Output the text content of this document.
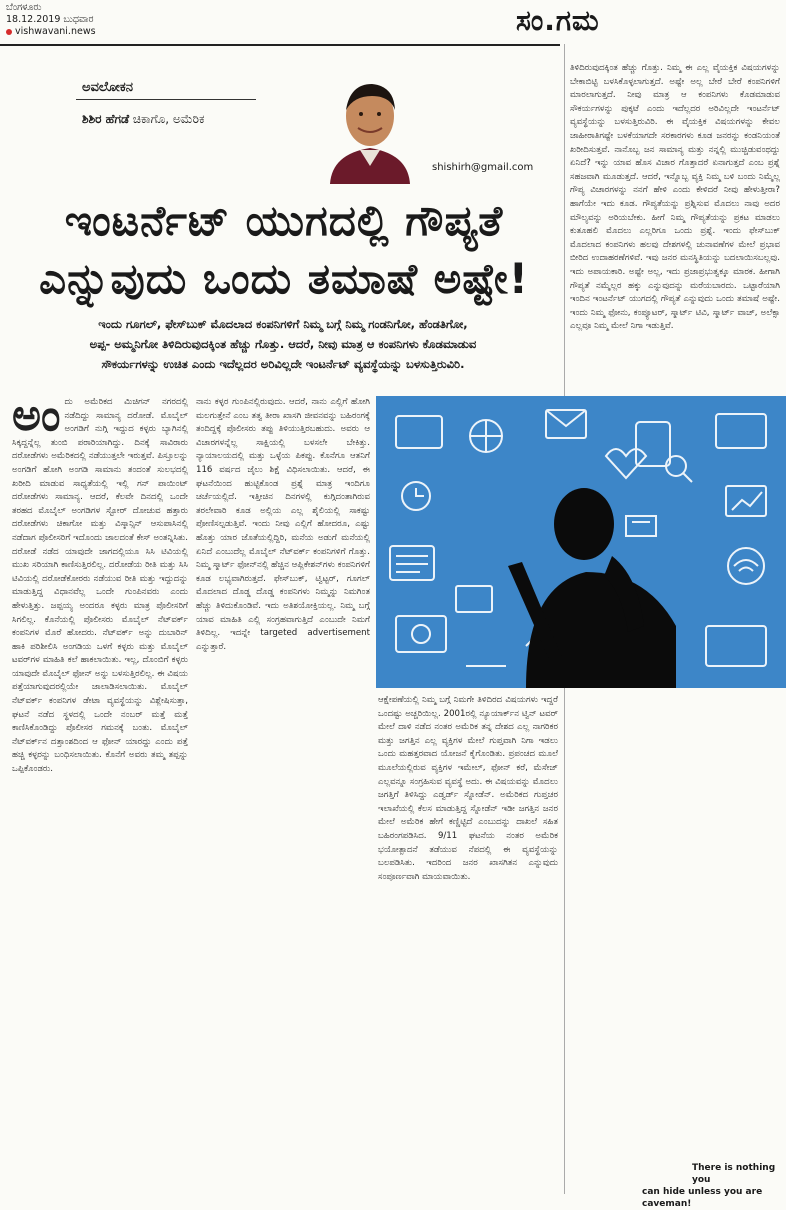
ಬೆಂಗಳೂರು
18.12.2019 ಬುಧವಾರ
vishwavani.news	ಸಂ.ಗಮ
ಅವಲೋಕನ
ಶಿಶಿರ ಹೆಗಡೆ ಚಿಕಾಗೊ, ಅಮೆರಿಕ
shishirh@gmail.com
ಇಂಟರ್ನೆಟ್ ಯುಗದಲ್ಲಿ ಗೌಪ್ಯತೆ
ಎನ್ನುವುದು ಒಂದು ತಮಾಷೆ ಅಷ್ಟೇ!
ಇಂದು ಗೂಗಲ್, ಫೇಸ್‌ಬುಕ್ ಮೊದಲಾದ ಕಂಪನಿಗಳಿಗೆ ನಿಮ್ಮ ಬಗ್ಗೆ ನಿಮ್ಮ ಗಂಡನಿಗೋ, ಹೆಂಡತಿಗೋ,
ಅಪ್ಪ- ಅಮ್ಮನಿಗೋ ತಿಳಿದಿರುವುದಕ್ಕಿಂತ ಹೆಚ್ಚು ಗೊತ್ತು. ಆದರೆ, ನೀವು ಮಾತ್ರ ಆ ಕಂಪನಿಗಳು ಕೊಡಮಾಡುವ
ಸೌಕರ್ಯಗಳನ್ನು ಉಚಿತ ಎಂದು ಇದೆಲ್ಲದರ ಅರಿವಿಲ್ಲದೇ ಇಂಟರ್ನೆಟ್ ವ್ಯವಸ್ಥೆಯನ್ನು ಬಳಸುತ್ತಿರುವಿರಿ.
ಅಂ ದು ಅಮೆರಿಕದ ಮಿಚಿಗನ್ ನಗರದಲ್ಲಿ ನಡೆದಿದ್ದು ಸಾಮಾನ್ಯ ದರೋಡೆ. ಮೊಬೈಲ್ ಅಂಗಡಿಗೆ ನುಗ್ಗಿ ಇದ್ದುದ ಕಳ್ಳರು ಬ್ಯಾಗಿನಲ್ಲಿ ಸಿಕ್ಕದ್ದನ್ನೆಲ್ಲ ತುಂಬಿ ಪರಾರಿಯಾಗಿದ್ದು. ದಿನಕ್ಕೆ ಸಾವಿರಾರು ದರೋಡೆಗಳು ಅಮೆರಿಕದಲ್ಲಿ ನಡೆಯುತ್ತಲೇ ಇರುತ್ತವೆ. ಪಿಸ್ತೂಲನ್ನು ಅಂಗಡಿಗೆ ಹೋಗಿ ಅಂಗಡಿ ಸಾಮಾನು ತಂದಂತೆ ಸುಲಭದಲ್ಲಿ ಖರೀದಿ ಮಾಡುವ ಸಾಧ್ಯತೆಯಲ್ಲಿ ಇಲ್ಲಿ ಗನ್ ಪಾಯಿಂಟ್ ದರೋಡೆಗಳು ಸಾಮಾನ್ಯ. ಆದರೆ, ಕೆಲವೇ ದಿನದಲ್ಲಿ ಒಂದೇ ತರಹದ ಮೊಬೈಲ್ ಅಂಗಡಿಗಳ ಸ್ಟೋರ್ ದೋಚುವ ಹತ್ತಾರು ದರೋಡೆಗಳು ಚಿಕಾಗೋ ಮತ್ತು ವಿಸ್ಕಾನ್ಸಿನ್ ಆಸುಪಾಸಿನಲ್ಲಿ ನಡೆದಾಗ ಪೊಲೀಸರಿಗೆ ಇದೊಂದು ಜಾಲದಂತೆ ಕೇಸ್ ಅಂತನ್ನಿಸಿತು. ದರೋಡೆ ನಡೆದ ಯಾವುದೇ ಜಾಗದಲ್ಲಿಯೂ ಸಿಸಿ ಟಿವಿಯಲ್ಲಿ ಮುಖ ಸರಿಯಾಗಿ ಕಾಣಿಸುತ್ತಿರಲಿಲ್ಲ. ದರೋಡೆಯ ರೀತಿ ಮತ್ತು ಸಿಸಿ ಟಿವಿಯಲ್ಲಿ ದರೋಡೆಕೋರರು ನಡೆಯುವ ರೀತಿ ಮತ್ತು ಇದ್ದುದನ್ನು ಮಾಡುತ್ತಿದ್ದ ವಿಧಾನವೆಲ್ಲ ಒಂದೇ ಗುಂಪಿನವರು ಎಂದು ಹೇಳುತ್ತಿತ್ತು. ಜಪ್ಪಯ್ಯ ಅಂದರೂ ಕಳ್ಳರು ಮಾತ್ರ ಪೊಲೀಸರಿಗೆ ಸಿಗಲಿಲ್ಲ. ಕೊನೆಯಲ್ಲಿ ಪೊಲೀಸರು ಮೊಬೈಲ್ ನೆಟ್‌ವರ್ಕ್ ಕಂಪನಿಗಳ ಮೊರೆ ಹೋದರು. ನೆಟ್‌ವರ್ಕ್ ಅನ್ನು ದುಬಾರಿನ್ ಹಾಕಿ ಪರಿಶೀಲಿಸಿ ಅಂಗಡಿಯ ಒಳಗೆ ಕಳ್ಳರು ಮತ್ತು ಮೊಬೈಲ್ ಟವರ್‌ಗಳ ಮಾಹಿತಿ ಕಲೆ ಹಾಕಲಾಯಿತು. ಇಲ್ಲ, ದೊಂಬಿಗೆ ಕಳ್ಳರು ಯಾವುದೇ ಮೊಬೈಲ್ ಫೋನ್ ಅನ್ನು ಬಳಸುತ್ತಿರಲಿಲ್ಲ. ಈ ವಿಷಯ ಪತ್ತೆಯಾಗುವುದರಲ್ಲಿಯೇ ಜಾಲಾಡಿಸಲಾಯಿತು. ಮೊಬೈಲ್ ನೆಟ್‌ವರ್ಕ್ ಕಂಪನಿಗಳ ಡೇಟಾ ವ್ಯವಸ್ಥೆಯನ್ನು ವಿಶ್ಲೇಷಿಸುತ್ತಾ, ಘಟನೆ ನಡೆದ ಸ್ಥಳದಲ್ಲಿ ಒಂದೇ ನಂಬರ್ ಮತ್ತೆ ಮತ್ತೆ ಕಾಣಿಸಿಕೊಂಡಿದ್ದು ಪೊಲೀಸರ ಗಮನಕ್ಕೆ ಬಂತು. ಮೊಬೈಲ್ ನೆಟ್‌ವರ್ಕ್‌ನ ದತ್ತಾಂಶದಿಂದ ಆ ಫೋನ್ ಯಾರದ್ದು ಎಂದು ಪತ್ತೆ ಹಚ್ಚಿ ಕಳ್ಳರನ್ನು ಬಂಧಿಸಲಾಯಿತು. ಕೊನೆಗೆ ಅವರು ತಮ್ಮ ತಪ್ಪನ್ನು ಒಪ್ಪಿಕೊಂಡರು.
ನಾನು ಕಳ್ಳರ ಗುಂಪಿನಲ್ಲಿರುವುದು. ಆದರೆ, ನಾನು ಎಲ್ಲಿಗೆ ಹೋಗಿ ಮಲಗುತ್ತೇನೆ ಎಂಬ ತತ್ವ ತೀರಾ ಖಾಸಗಿ ಜೀವನವನ್ನು ಬಹಿರಂಗಕ್ಕೆ ತಂದಿದ್ದಕ್ಕೆ ಪೊಲೀಸರು ತಪ್ಪು ತಿಳಿಯುತ್ತಿರಬಹುದು. ಅವರು ಆ ವಿಚಾರಗಳನ್ನೆಲ್ಲ ಸಾಕ್ಷಿಯಲ್ಲಿ ಬಳಸಲೇ ಬೇಕಿತ್ತು. ನ್ಯಾಯಾಲಯದಲ್ಲಿ ಮತ್ತು ಒಳ್ಳೆಯ ಪಿಕಪ್ಪು. ಕೊನೆಗೂ ಆತನಿಗೆ 116 ವರ್ಷದ ಜೈಲು ಶಿಕ್ಷೆ ವಿಧಿಸಲಾಯಿತು. ಆದರೆ, ಈ ಘಟನೆಯಿಂದ ಹುಟ್ಟಿಕೊಂಡ ಪ್ರಶ್ನೆ ಮಾತ್ರ ಇಂದಿಗೂ ಚರ್ಚೆಯಲ್ಲಿದೆ. ಇತ್ತೀಚಿನ ದಿನಗಳಲ್ಲಿ ಕುಗ್ಗಿದಂತಾಗಿರುವ ತರಲೇವಾರಿ ಕೂಡ ಅಲ್ಲಿಯ ಎಲ್ಲ ಶೈಲಿಯಲ್ಲಿ ಸಾಕಷ್ಟು ಪೋಣಿಸಲ್ಪಡುತ್ತಿವೆ. ಇಂದು ನೀವು ಎಲ್ಲಿಗೆ ಹೋದರೂ, ಎಷ್ಟು ಹೊತ್ತು ಯಾರ ಜೊತೆಯಲ್ಲಿದ್ದಿರಿ, ಮನೆಯ ಅಡುಗೆ ಮನೆಯಲ್ಲಿ ಏನಿದೆ ಎಂಬುದೆಲ್ಲ ಮೊಬೈಲ್ ನೆಟ್‌ವರ್ಕ್ ಕಂಪನಿಗಳಿಗೆ ಗೊತ್ತು. ನಿಮ್ಮ ಸ್ಮಾರ್ಟ್ ಫೋನ್‌ನಲ್ಲಿ ಹೆಚ್ಚಿನ ಆಪ್ಲಿಕೇಶನ್‌ಗಳು ಕಂಪನಿಗಳಿಗೆ ಕೂಡ ಲಭ್ಯವಾಗಿರುತ್ತದೆ. ಫೇಸ್‌ಬುಕ್, ಟ್ವಿಟ್ಟರ್, ಗೂಗಲ್ ಮೊದಲಾದ ದೊಡ್ಡ ದೊಡ್ಡ ಕಂಪನಿಗಳು ನಿಮ್ಮನ್ನು ನಿಮಗಿಂತ ಹೆಚ್ಚು ತಿಳಿದುಕೊಂಡಿವೆ. ಇದು ಅತಿಶಯೋಕ್ತಿಯಲ್ಲ. ನಿಮ್ಮ ಬಗ್ಗೆ ಯಾವ ಮಾಹಿತಿ ಎಲ್ಲಿ ಸಂಗ್ರಹವಾಗುತ್ತಿದೆ ಎಂಬುದೇ ನಿಮಗೆ ತಿಳಿದಿಲ್ಲ. ಇದನ್ನೇ targeted advertisement ಎನ್ನುತ್ತಾರೆ.
ಆಕ್ಷೇಪಣೆಯಲ್ಲಿ ನಿಮ್ಮ ಬಗ್ಗೆ ನಿಮಗೇ ತಿಳಿದಿರದ ವಿಷಯಗಳು ಇದ್ದರೆ ಒಂದಷ್ಟು ಅಚ್ಚರಿಯಿಲ್ಲ. 2001ರಲ್ಲಿ ನ್ಯೂಯಾರ್ಕ್‌ನ ಟ್ವಿನ್ ಟವರ್ ಮೇಲೆ ದಾಳಿ ನಡೆದ ನಂತರ ಅಮೆರಿಕ ತನ್ನ ದೇಶದ ಎಲ್ಲ ನಾಗರಿಕರ ಮತ್ತು ಜಗತ್ತಿನ ಎಲ್ಲ ವ್ಯಕ್ತಿಗಳ ಮೇಲೆ ಗುಪ್ತವಾಗಿ ನಿಗಾ ಇಡಲು ಒಂದು ಮಹತ್ತರವಾದ ಯೋಜನೆ ಕೈಗೊಂಡಿತು. ಪ್ರಪಂಚದ ಮೂಲೆ ಮೂಲೆಯಲ್ಲಿರುವ ವ್ಯಕ್ತಿಗಳ ಇಮೇಲ್, ಫೋನ್ ಕರೆ, ಮೆಸೇಜ್ ಎಲ್ಲವನ್ನೂ ಸಂಗ್ರಹಿಸುವ ವ್ಯವಸ್ಥೆ ಅದು. ಈ ವಿಷಯವನ್ನು ಮೊದಲು ಜಗತ್ತಿಗೆ ತಿಳಿಸಿದ್ದು ಎಡ್ವರ್ಡ್ ಸ್ನೋಡೆನ್. ಅಮೆರಿಕದ ಗುಪ್ತಚರ ಇಲಾಖೆಯಲ್ಲಿ ಕೆಲಸ ಮಾಡುತ್ತಿದ್ದ ಸ್ನೋಡೆನ್ ಇಡೀ ಜಗತ್ತಿನ ಜನರ ಮೇಲೆ ಅಮೆರಿಕ ಹೇಗೆ ಕಣ್ಣಿಟ್ಟಿದೆ ಎಂಬುದನ್ನು ದಾಖಲೆ ಸಹಿತ ಬಹಿರಂಗಪಡಿಸಿದ. 9/11 ಘಟನೆಯ ನಂತರ ಅಮೆರಿಕ ಭಯೋತ್ಪಾದನೆ ತಡೆಯುವ ನೆಪದಲ್ಲಿ ಈ ವ್ಯವಸ್ಥೆಯನ್ನು ಬಲಪಡಿಸಿತು. ಇದರಿಂದ ಜನರ ಖಾಸಗಿತನ ಎನ್ನುವುದು ಸಂಪೂರ್ಣವಾಗಿ ಮಾಯವಾಯಿತು.
ತಿಳಿದಿರುವುದಕ್ಕಿಂತ ಹೆಚ್ಚು ಗೊತ್ತು. ನಿಮ್ಮ ಈ ಎಲ್ಲ ವೈಯಕ್ತಿಕ ವಿಷಯಗಳನ್ನು ಬೇಕಾಬಿಟ್ಟಿ ಬಳಸಿಕೊಳ್ಳಲಾಗುತ್ತದೆ. ಅಷ್ಟೇ ಅಲ್ಲ ಬೇರೆ ಬೇರೆ ಕಂಪನಿಗಳಿಗೆ ಮಾರಲಾಗುತ್ತದೆ. ನೀವು ಮಾತ್ರ ಆ ಕಂಪನಿಗಳು ಕೊಡಮಾಡುವ ಸೌಕರ್ಯಗಳನ್ನು ಪುಕ್ಕಟೆ ಎಂದು ಇದೆಲ್ಲದರ ಅರಿವಿಲ್ಲದೇ ಇಂಟರ್ನೆಟ್ ವ್ಯವಸ್ಥೆಯನ್ನು ಬಳಸುತ್ತಿರುವಿರಿ. ಈ ವೈಯಕ್ತಿಕ ವಿಷಯಗಳನ್ನು ಕೇವಲ ಜಾಹೀರಾತಿಗಷ್ಟೇ ಬಳಕೆಯಾಗದೇ ಸರಕಾರಗಳು ಕೂಡ ಜನರನ್ನು ಕಂಡನಿಯಂತೆ ಖರೀದಿಸುತ್ತವೆ. ನಾನೊಬ್ಬ ಜನ ಸಾಮಾನ್ಯ ಮತ್ತು ನನ್ನಲ್ಲಿ ಮುಚ್ಚಿಡುವಂಥದ್ದು ಏನಿದೆ? ಇನ್ನು ಯಾವ ಹೊಸ ವಿಚಾರ ಗೊತ್ತಾದರೆ ಏನಾಗುತ್ತದೆ ಎಂಬ ಪ್ರಶ್ನೆ ಸಹಜವಾಗಿ ಮೂಡುತ್ತದೆ. ಆದರೆ, ಇನ್ನೊಬ್ಬ ವ್ಯಕ್ತಿ ನಿಮ್ಮ ಬಳಿ ಬಂದು ನಿಮ್ಮೆಲ್ಲ ಗೌಪ್ಯ ವಿಚಾರಗಳನ್ನು ನನಗೆ ಹೇಳಿ ಎಂದು ಕೇಳಿದರೆ ನೀವು ಹೇಳುತ್ತೀರಾ? ಹಾಗೆಯೇ ಇದು ಕೂಡ. ಗೌಪ್ಯತೆಯನ್ನು ಪ್ರಶ್ನಿಸುವ ಮೊದಲು ನಾವು ಅದರ ಮೌಲ್ಯವನ್ನು ಅರಿಯಬೇಕು. ಹೀಗೆ ನಿಮ್ಮ ಗೌಪ್ಯತೆಯನ್ನು ಪ್ರಕಟ ಮಾಡಲು ಕುತೂಹಲಿ ಮೊದಲು ಎಲ್ಲರಿಗೂ ಒಂದು ಪ್ರಶ್ನೆ. ಇಂದು ಫೇಸ್‌ಬುಕ್ ಮೊದಲಾದ ಕಂಪನಿಗಳು ಹಲವು ದೇಶಗಳಲ್ಲಿ ಚುನಾವಣೆಗಳ ಮೇಲೆ ಪ್ರಭಾವ ಬೀರಿದ ಉದಾಹರಣೆಗಳಿವೆ. ಇವು ಜನರ ಮನಸ್ಥಿತಿಯನ್ನು ಬದಲಾಯಿಸಬಲ್ಲವು. ಇದು ಅಪಾಯಕಾರಿ. ಅಷ್ಟೇ ಅಲ್ಲ, ಇದು ಪ್ರಜಾಪ್ರಭುತ್ವಕ್ಕೂ ಮಾರಕ. ಹೀಗಾಗಿ ಗೌಪ್ಯತೆ ನಮ್ಮೆಲ್ಲರ ಹಕ್ಕು ಎನ್ನುವುದನ್ನು ಮರೆಯಬಾರದು. ಒಟ್ಟಾರೆಯಾಗಿ ಇಂದಿನ ಇಂಟರ್ನೆಟ್ ಯುಗದಲ್ಲಿ ಗೌಪ್ಯತೆ ಎನ್ನುವುದು ಒಂದು ತಮಾಷೆ ಅಷ್ಟೇ. ಇಂದು ನಿಮ್ಮ ಫೋನು, ಕಂಪ್ಯೂಟರ್, ಸ್ಮಾರ್ಟ್ ಟಿವಿ, ಸ್ಮಾರ್ಟ್ ವಾಚ್, ಅಲೆಕ್ಸಾ ಎಲ್ಲವೂ ನಿಮ್ಮ ಮೇಲೆ ನಿಗಾ ಇಡುತ್ತಿವೆ.
There is nothing you
can hide unless you are caveman!
